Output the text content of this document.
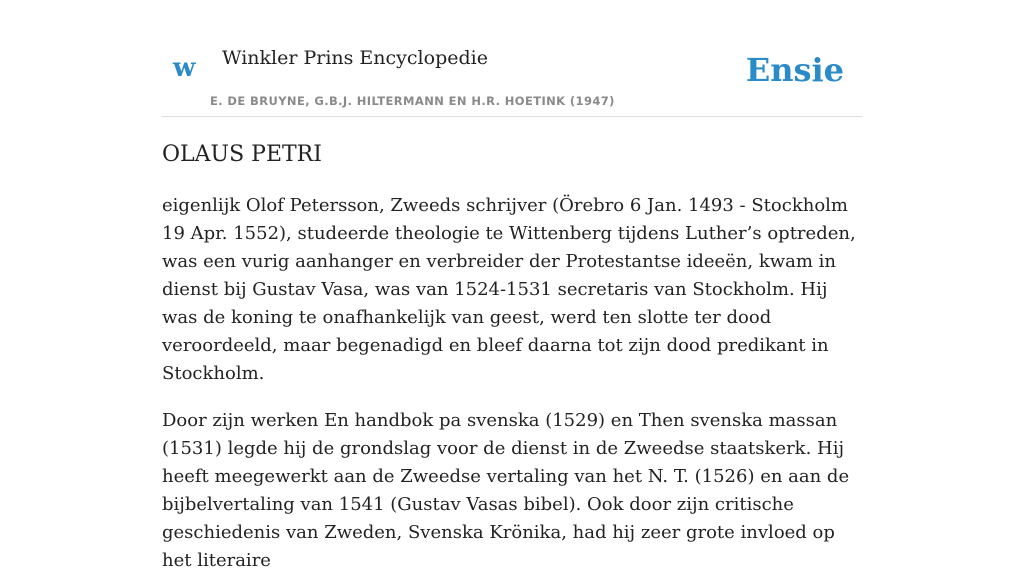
w Winkler Prins Encyclopedie
E. DE BRUYNE, G.B.J. HILTERMANN EN H.R. HOETINK (1947)
Ensie
OLAUS PETRI

eigenlijk Olof Petersson, Zweeds schrijver (Örebro 6 Jan. 1493 - Stockholm 19 Apr. 1552), studeerde theologie te Wittenberg tijdens Luther’s optreden, was een vurig aanhanger en verbreider der Protestantse ideeën, kwam in dienst bij Gustav Vasa, was van 1524-1531 secretaris van Stockholm. Hij was de koning te onafhankelijk van geest, werd ten slotte ter dood veroordeeld, maar begenadigd en bleef daarna tot zijn dood predikant in Stockholm.

Door zijn werken En handbok pa svenska (1529) en Then svenska massan (1531) legde hij de grondslag voor de dienst in de Zweedse staatskerk. Hij heeft meegewerkt aan de Zweedse vertaling van het N. T. (1526) en aan de bijbelvertaling van 1541 (Gustav Vasas bibel). Ook door zijn critische geschiedenis van Zweden, Svenska Krönika, had hij zeer grote invloed op het literaire
